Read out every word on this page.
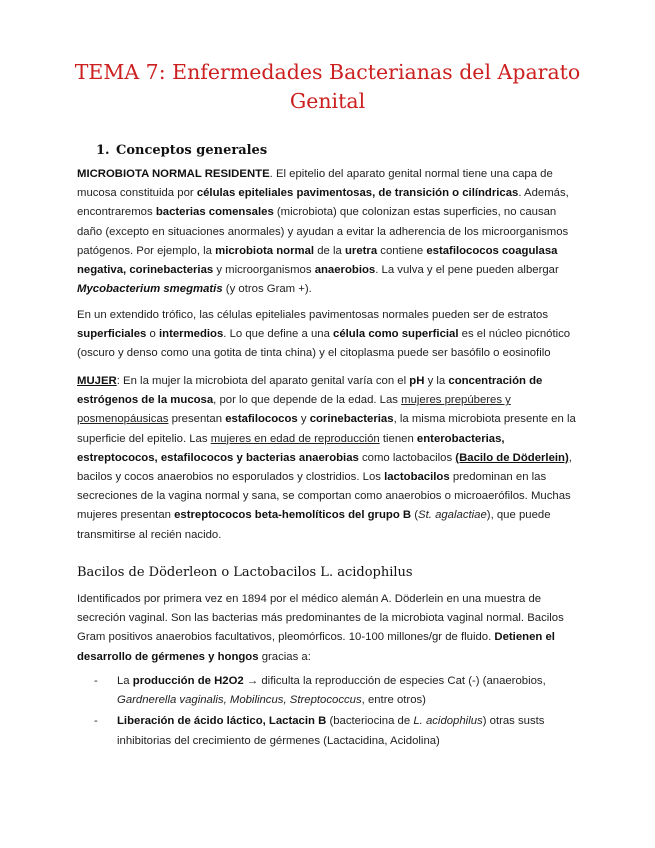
TEMA 7: Enfermedades Bacterianas del Aparato
Genital
1. Conceptos generales

MICROBIOTA NORMAL RESIDENTE. El epitelio del aparato genital normal tiene una capa de mucosa constituida por células epiteliales pavimentosas, de transición o cilíndricas. Además, encontraremos bacterias comensales (microbiota) que colonizan estas superficies, no causan daño (excepto en situaciones anormales) y ayudan a evitar la adherencia de los microorganismos patógenos. Por ejemplo, la microbiota normal de la uretra contiene estafilococos coagulasa negativa, corinebacterias y microorganismos anaerobios. La vulva y el pene pueden albergar Mycobacterium smegmatis (y otros Gram +).

En un extendido trófico, las células epiteliales pavimentosas normales pueden ser de estratos superficiales o intermedios. Lo que define a una célula como superficial es el núcleo picnótico (oscuro y denso como una gotita de tinta china) y el citoplasma puede ser basófilo o eosinofilo

MUJER: En la mujer la microbiota del aparato genital varía con el pH y la concentración de estrógenos de la mucosa, por lo que depende de la edad. Las mujeres prepúberes y posmenopáusicas presentan estafilococos y corinebacterias, la misma microbiota presente en la superficie del epitelio. Las mujeres en edad de reproducción tienen enterobacterias, estreptococos, estafilococos y bacterias anaerobias como lactobacilos (Bacilo de Döderlein), bacilos y cocos anaerobios no esporulados y clostridios. Los lactobacilos predominan en las secreciones de la vagina normal y sana, se comportan como anaerobios o microaerófilos. Muchas mujeres presentan estreptococos beta-hemolíticos del grupo B (St. agalactiae), que puede transmitirse al recién nacido.

Bacilos de Döderleon o Lactobacilos L. acidophilus

Identificados por primera vez en 1894 por el médico alemán A. Döderlein en una muestra de secreción vaginal. Son las bacterias más predominantes de la microbiota vaginal normal. Bacilos Gram positivos anaerobios facultativos, pleomórficos. 10-100 millones/gr de fluido. Detienen el desarrollo de gérmenes y hongos gracias a:

- La producción de H2O2 → dificulta la reproducción de especies Cat (-) (anaerobios, Gardnerella vaginalis, Mobilincus, Streptococcus, entre otros)
- Liberación de ácido láctico, Lactacin B (bacteriocina de L. acidophilus) otras susts inhibitorias del crecimiento de gérmenes (Lactacidina, Acidolina)
